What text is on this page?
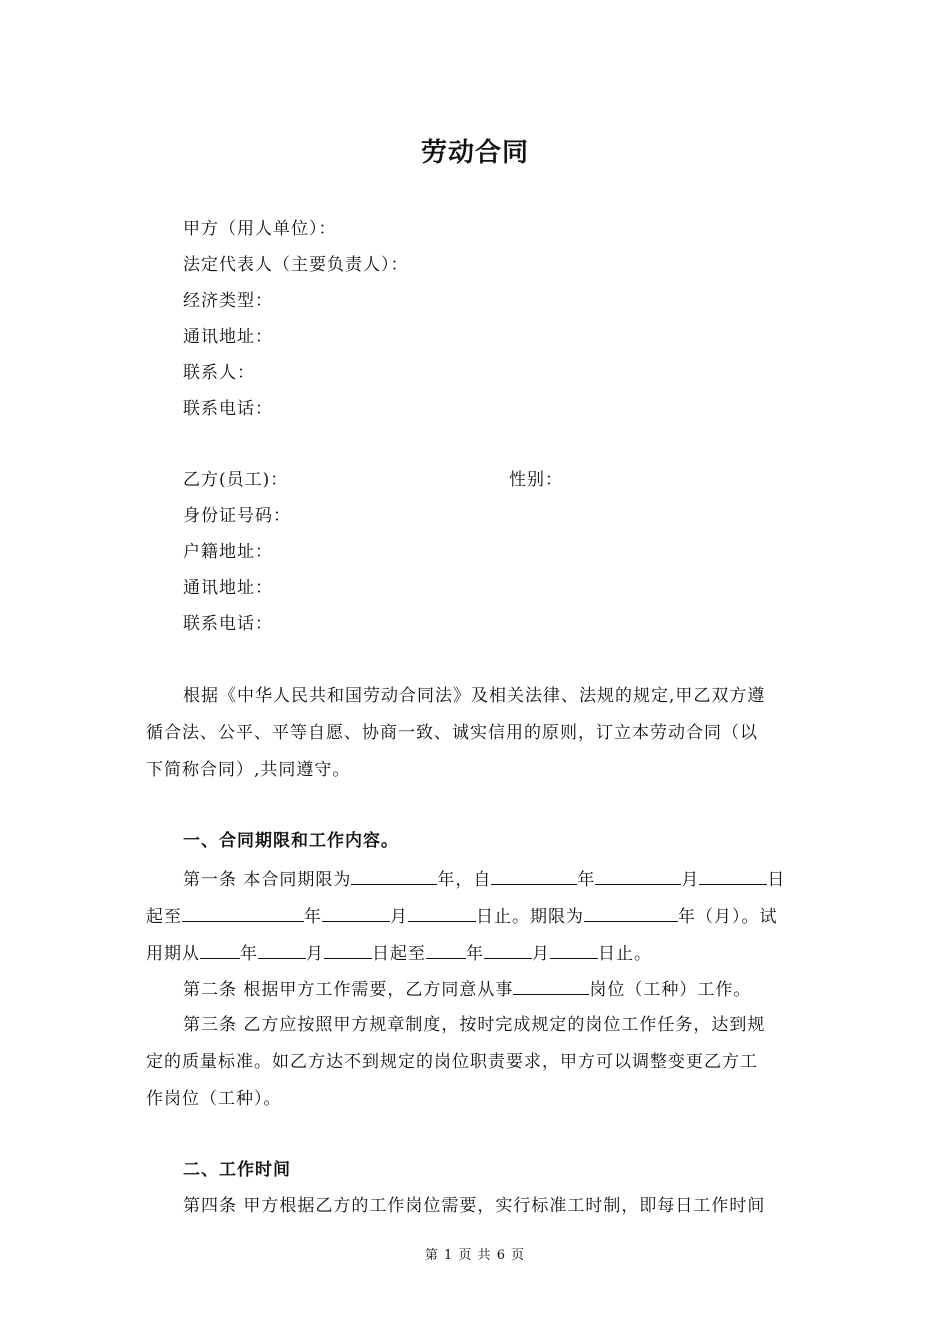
劳动合同
甲方（用人单位）：
法定代表人（主要负责人）：
经济类型：
通讯地址：
联系人：
联系电话：
乙方(员工)：	性别：
身份证号码：
户籍地址：
通讯地址：
联系电话：
根据《中华人民共和国劳动合同法》及相关法律、法规的规定,甲乙双方遵
循合法、公平、平等自愿、协商一致、诚实信用的原则，订立本劳动合同（以
下简称合同）,共同遵守。
一、合同期限和工作内容。
第一条 本合同期限为	年，自	年	月	日
起至	年	月	日止。期限为	年（月）。试
用期从 年	月	日起至 年	月	日止。
第二条 根据甲方工作需要，乙方同意从事	岗位（工种）工作。
第三条 乙方应按照甲方规章制度，按时完成规定的岗位工作任务，达到规
定的质量标准。如乙方达不到规定的岗位职责要求，甲方可以调整变更乙方工
作岗位（工种）。
二、工作时间
第四条 甲方根据乙方的工作岗位需要，实行标准工时制，即每日工作时间
第 1 页 共 6 页
